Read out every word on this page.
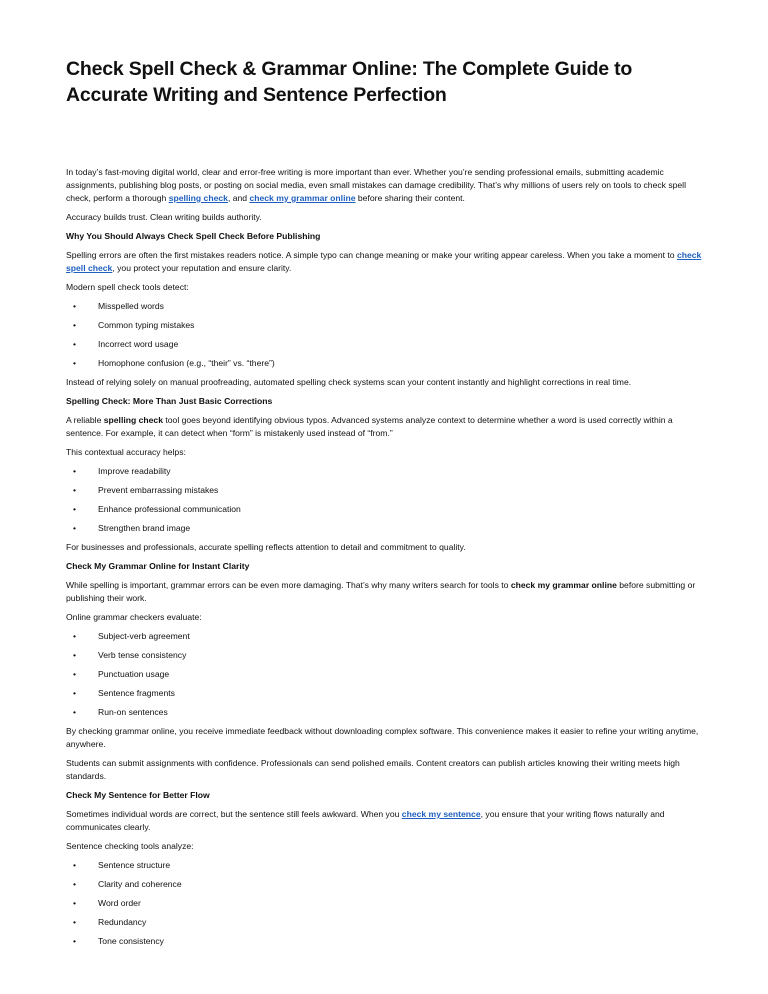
Check Spell Check & Grammar Online: The Complete Guide to Accurate Writing and Sentence Perfection

In today’s fast-moving digital world, clear and error-free writing is more important than ever. Whether you’re sending professional emails, submitting academic assignments, publishing blog posts, or posting on social media, even small mistakes can damage credibility. That’s why millions of users rely on tools to check spell check, perform a thorough spelling check, and check my grammar online before sharing their content.

Accuracy builds trust. Clean writing builds authority.

Why You Should Always Check Spell Check Before Publishing

Spelling errors are often the first mistakes readers notice. A simple typo can change meaning or make your writing appear careless. When you take a moment to check spell check, you protect your reputation and ensure clarity.

Modern spell check tools detect:

•	Misspelled words
•	Common typing mistakes
•	Incorrect word usage
•	Homophone confusion (e.g., “their” vs. “there”)

Instead of relying solely on manual proofreading, automated spelling check systems scan your content instantly and highlight corrections in real time.

Spelling Check: More Than Just Basic Corrections

A reliable spelling check tool goes beyond identifying obvious typos. Advanced systems analyze context to determine whether a word is used correctly within a sentence. For example, it can detect when “form” is mistakenly used instead of “from.”

This contextual accuracy helps:

•	Improve readability
•	Prevent embarrassing mistakes
•	Enhance professional communication
•	Strengthen brand image

For businesses and professionals, accurate spelling reflects attention to detail and commitment to quality.

Check My Grammar Online for Instant Clarity

While spelling is important, grammar errors can be even more damaging. That’s why many writers search for tools to check my grammar online before submitting or publishing their work.

Online grammar checkers evaluate:

•	Subject-verb agreement
•	Verb tense consistency
•	Punctuation usage
•	Sentence fragments
•	Run-on sentences

By checking grammar online, you receive immediate feedback without downloading complex software. This convenience makes it easier to refine your writing anytime, anywhere.

Students can submit assignments with confidence. Professionals can send polished emails. Content creators can publish articles knowing their writing meets high standards.

Check My Sentence for Better Flow

Sometimes individual words are correct, but the sentence still feels awkward. When you check my sentence, you ensure that your writing flows naturally and communicates clearly.

Sentence checking tools analyze:

•	Sentence structure
•	Clarity and coherence
•	Word order
•	Redundancy
•	Tone consistency
